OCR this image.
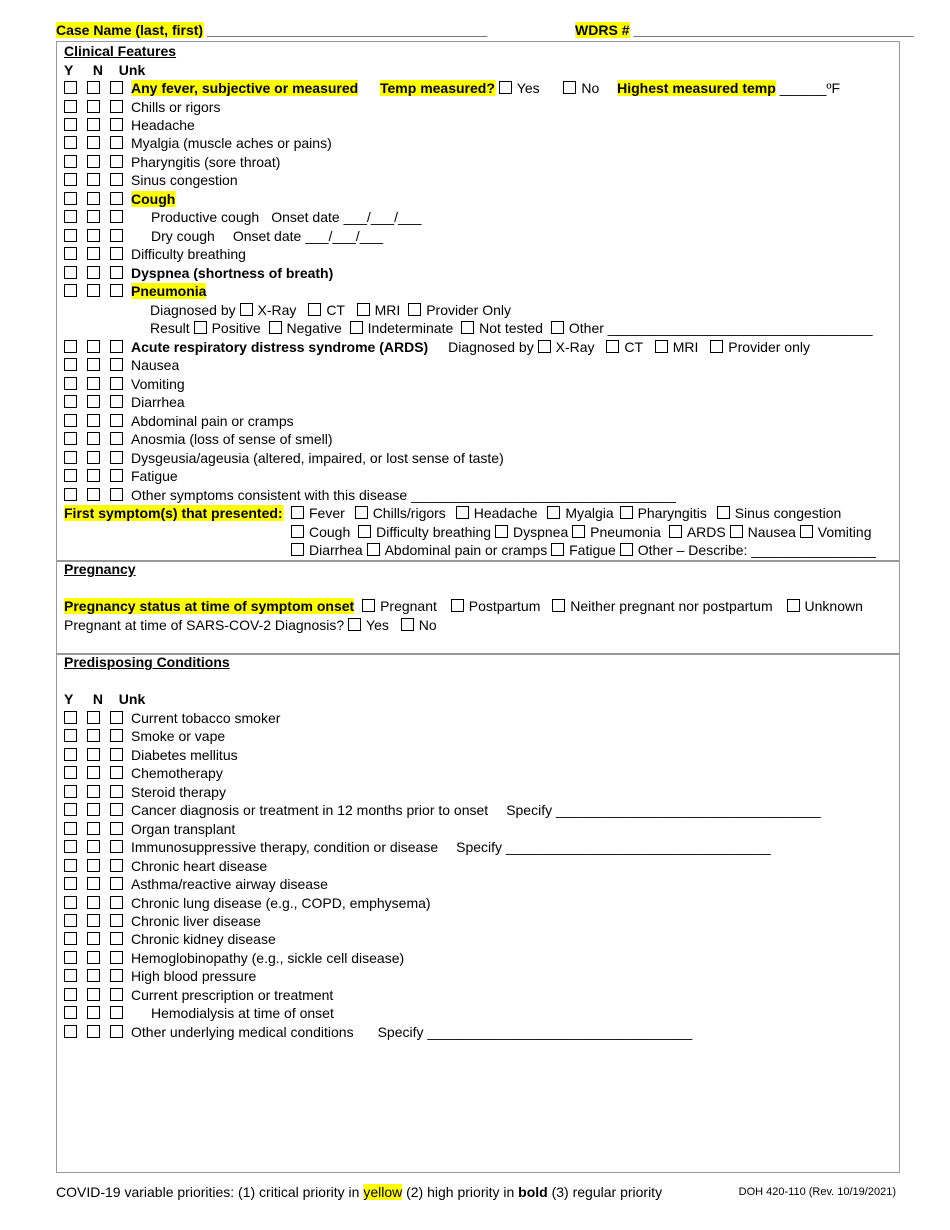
Case Name (last, first) ____________________________________	WDRS # ____________________________________
Clinical Features
Y N Unk
Any fever, subjective or measured Temp measured? Yes	No Highest measured temp ______ºF
Chills or rigors
Headache
Myalgia (muscle aches or pains)
Pharyngitis (sore throat)
Sinus congestion
Cough
Productive cough Onset date ___/___/___
Dry cough Onset date ___/___/___
Difficulty breathing
Dyspnea (shortness of breath)
Pneumonia
Diagnosed by X-Ray CT MRI Provider Only
Result Positive Negative Indeterminate Not tested Other __________________________________
Acute respiratory distress syndrome (ARDS) Diagnosed by X-Ray CT MRI Provider only
Nausea
Vomiting
Diarrhea
Abdominal pain or cramps
Anosmia (loss of sense of smell)
Dysgeusia/ageusia (altered, impaired, or lost sense of taste)
Fatigue
Other symptoms consistent with this disease __________________________________
First symptom(s) that presented:	Fever Chills/rigors Headache Myalgia Pharyngitis Sinus congestion
Cough Difficulty breathing Dyspnea Pneumonia ARDS Nausea Vomiting
Diarrhea Abdominal pain or cramps Fatigue Other – Describe: ________________
Pregnancy
Pregnancy status at time of symptom onset Pregnant Postpartum Neither pregnant nor postpartum Unknown
Pregnant at time of SARS-COV-2 Diagnosis? Yes No
Predisposing Conditions
Y N Unk
Current tobacco smoker
Smoke or vape
Diabetes mellitus
Chemotherapy
Steroid therapy
Cancer diagnosis or treatment in 12 months prior to onset Specify __________________________________
Organ transplant
Immunosuppressive therapy, condition or disease Specify __________________________________
Chronic heart disease
Asthma/reactive airway disease
Chronic lung disease (e.g., COPD, emphysema)
Chronic liver disease
Chronic kidney disease
Hemoglobinopathy (e.g., sickle cell disease)
High blood pressure
Current prescription or treatment
Hemodialysis at time of onset
Other underlying medical conditions Specify __________________________________
COVID-19 variable priorities: (1) critical priority in yellow (2) high priority in bold (3) regular priority	DOH 420-110 (Rev. 10/19/2021)
